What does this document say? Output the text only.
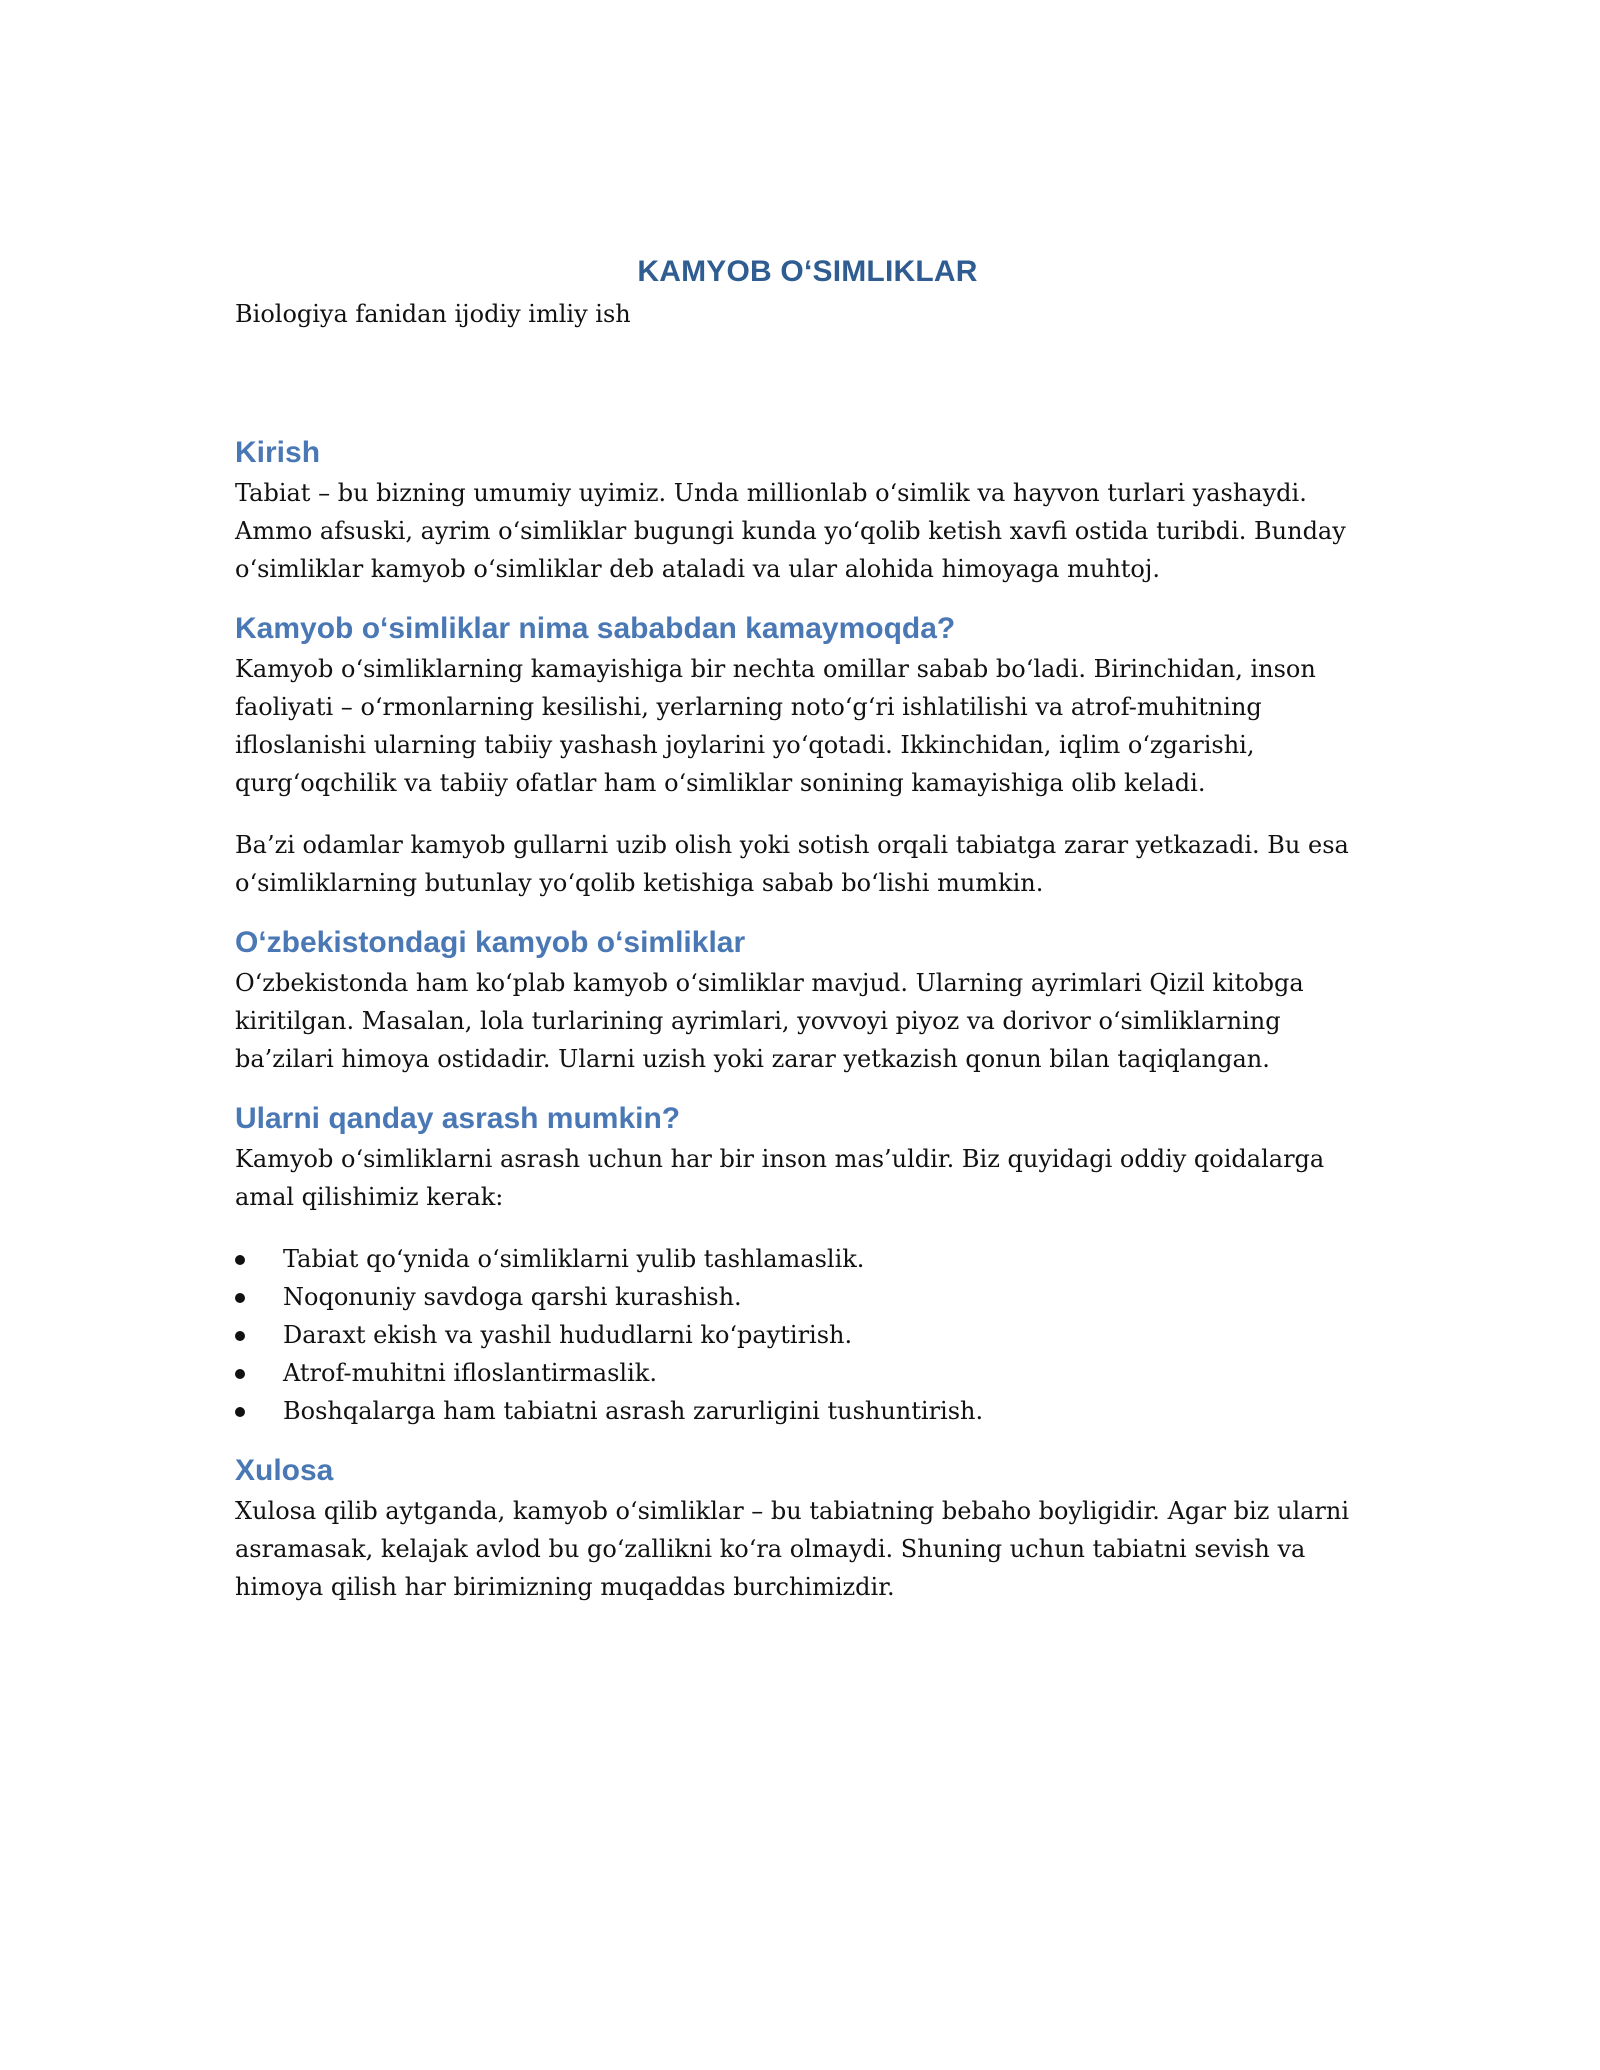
KAMYOB O‘SIMLIKLAR

Biologiya fanidan ijodiy imliy ish

Kirish

Tabiat – bu bizning umumiy uyimiz. Unda millionlab o‘simlik va hayvon turlari yashaydi. Ammo afsuski, ayrim o‘simliklar bugungi kunda yo‘qolib ketish xavfi ostida turibdi. Bunday o‘simliklar kamyob o‘simliklar deb ataladi va ular alohida himoyaga muhtoj.

Kamyob o‘simliklar nima sababdan kamaymoqda?

Kamyob o‘simliklarning kamayishiga bir nechta omillar sabab bo‘ladi. Birinchidan, inson faoliyati – o‘rmonlarning kesilishi, yerlarning noto‘g‘ri ishlatilishi va atrof-muhitning ifloslanishi ularning tabiiy yashash joylarini yo‘qotadi. Ikkinchidan, iqlim o‘zgarishi, qurg‘oqchilik va tabiiy ofatlar ham o‘simliklar sonining kamayishiga olib keladi.

Ba’zi odamlar kamyob gullarni uzib olish yoki sotish orqali tabiatga zarar yetkazadi. Bu esa o‘simliklarning butunlay yo‘qolib ketishiga sabab bo‘lishi mumkin.

O‘zbekistondagi kamyob o‘simliklar

O‘zbekistonda ham ko‘plab kamyob o‘simliklar mavjud. Ularning ayrimlari Qizil kitobga kiritilgan. Masalan, lola turlarining ayrimlari, yovvoyi piyoz va dorivor o‘simliklarning ba’zilari himoya ostidadir. Ularni uzish yoki zarar yetkazish qonun bilan taqiqlangan.

Ularni qanday asrash mumkin?

Kamyob o‘simliklarni asrash uchun har bir inson mas’uldir. Biz quyidagi oddiy qoidalarga amal qilishimiz kerak:

Tabiat qo‘ynida o‘simliklarni yulib tashlamaslik.
Noqonuniy savdoga qarshi kurashish.
Daraxt ekish va yashil hududlarni ko‘paytirish.
Atrof-muhitni ifloslantirmaslik.
Boshqalarga ham tabiatni asrash zarurligini tushuntirish.
Xulosa

Xulosa qilib aytganda, kamyob o‘simliklar – bu tabiatning bebaho boyligidir. Agar biz ularni asramasak, kelajak avlod bu go‘zallikni ko‘ra olmaydi. Shuning uchun tabiatni sevish va himoya qilish har birimizning muqaddas burchimizdir.
